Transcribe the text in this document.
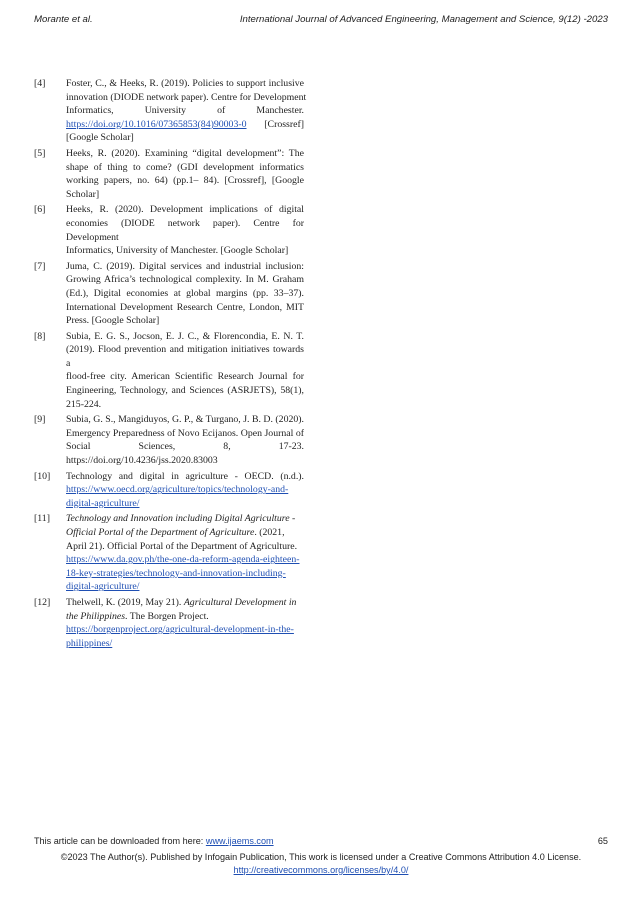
Morante et al.	International Journal of Advanced Engineering, Management and Science, 9(12) -2023
[4] Foster, C., & Heeks, R. (2019). Policies to support inclusive
innovation (DIODE network paper). Centre for Development
Informatics, University of Manchester.
https://doi.org/10.1016/07365853(84)90003-0 [Crossref]
[Google Scholar]
[5] Heeks, R. (2020). Examining “digital development”: The
shape of thing to come? (GDI development informatics
working papers, no. 64) (pp.1– 84). [Crossref], [Google
Scholar]
[6] Heeks, R. (2020). Development implications of digital
economies (DIODE network paper). Centre for Development
Informatics, University of Manchester. [Google Scholar]
[7] Juma, C. (2019). Digital services and industrial inclusion:
Growing Africa’s technological complexity. In M. Graham
(Ed.), Digital economies at global margins (pp. 33–37).
International Development Research Centre, London, MIT
Press. [Google Scholar]
[8] Subia, E. G. S., Jocson, E. J. C., & Florencondia, E. N. T.
(2019). Flood prevention and mitigation initiatives towards a
flood-free city. American Scientific Research Journal for
Engineering, Technology, and Sciences (ASRJETS), 58(1),
215-224.
[9] Subia, G. S., Mangiduyos, G. P., & Turgano, J. B. D. (2020).
Emergency Preparedness of Novo Ecijanos. Open Journal of
Social Sciences, 8, 17-23.
https://doi.org/10.4236/jss.2020.83003
[10] Technology and digital in agriculture - OECD. (n.d.).
https://www.oecd.org/agriculture/topics/technology-and-
digital-agriculture/
[11] Technology and Innovation including Digital Agriculture -
Official Portal of the Department of Agriculture. (2021,
April 21). Official Portal of the Department of Agriculture.
https://www.da.gov.ph/the-one-da-reform-agenda-eighteen-
18-key-strategies/technology-and-innovation-including-
digital-agriculture/
[12] Thelwell, K. (2019, May 21). Agricultural Development in
the Philippines. The Borgen Project.
https://borgenproject.org/agricultural-development-in-the-
philippines/
This article can be downloaded from here: www.ijaems.com	65
©2023 The Author(s). Published by Infogain Publication, This work is licensed under a Creative Commons Attribution 4.0 License.
http://creativecommons.org/licenses/by/4.0/
